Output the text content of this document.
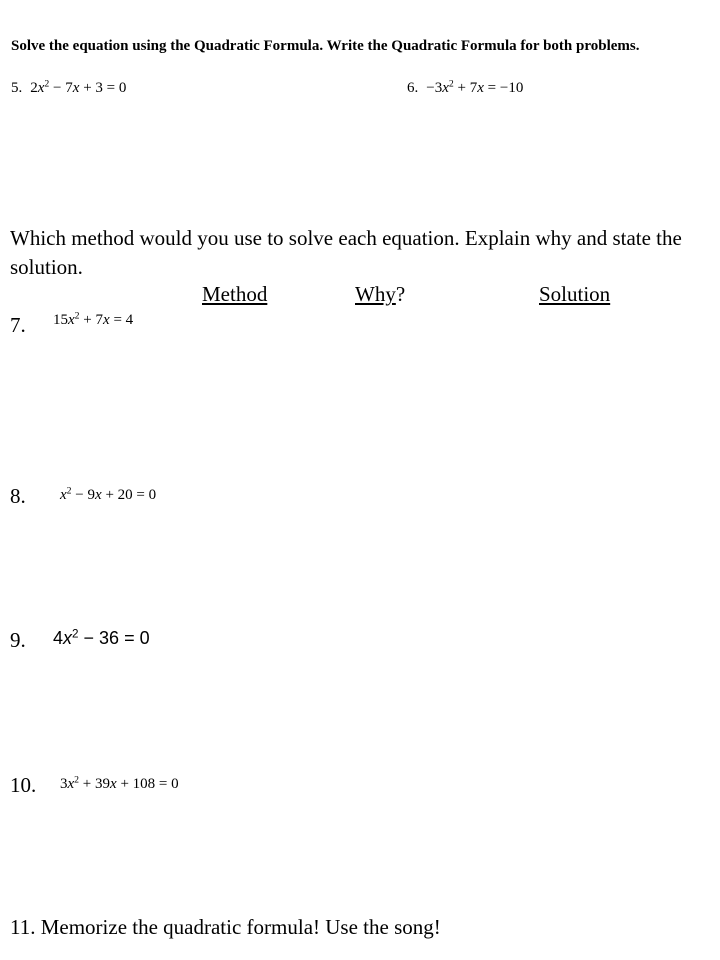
Solve the equation using the Quadratic Formula. Write the Quadratic Formula for both problems.
5. $2x^2 - 7x + 3 = 0$	6. $-3x^2 + 7x = -10$
Which method would you use to solve each equation. Explain why and state the solution.
Method	Why?	Solution
7. $15x^2 + 7x = 4$
8. $x^2 - 9x + 20 = 0$
9. $4x^2 - 36 = 0$
10. $3x^2 + 39x + 108 = 0$
11. Memorize the quadratic formula! Use the song!
